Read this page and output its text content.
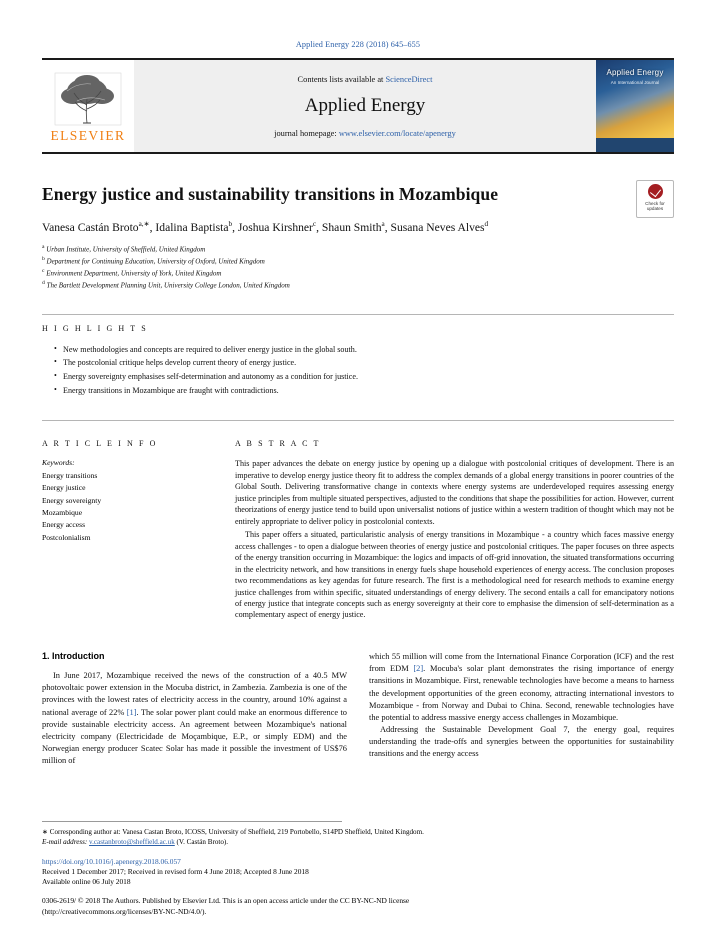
Applied Energy 228 (2018) 645–655
ELSEVIER
Contents lists available at ScienceDirect
Applied Energy
journal homepage: www.elsevier.com/locate/apenergy
Applied Energy
An International Journal
Check for
updates
Energy justice and sustainability transitions in Mozambique
Vanesa Castán Broto$^{a,∗}$, Idalina Baptista$^b$, Joshua Kirshner$^c$, Shaun Smith$^a$, Susana Neves Alves$^d$
$^a$ Urban Institute, University of Sheffield, United Kingdom
$^b$ Department for Continuing Education, University of Oxford, United Kingdom
$^c$ Environment Department, University of York, United Kingdom
$^d$ The Bartlett Development Planning Unit, University College London, United Kingdom
H I G H L I G H T S
• New methodologies and concepts are required to deliver energy justice in the global south.
• The postcolonial critique helps develop current theory of energy justice.
• Energy sovereignty emphasises self-determination and autonomy as a condition for justice.
• Energy transitions in Mozambique are fraught with contradictions.
A R T I C L E I N F O
Keywords:
Energy transitions
Energy justice
Energy sovereignty
Mozambique
Energy access
Postcolonialism
A B S T R A C T

This paper advances the debate on energy justice by opening up a dialogue with postcolonial critiques of development. There is an imperative to develop energy justice theory fit to address the complex demands of a global energy transitions in poorer countries of the Global South. Delivering transformative change in contexts where energy systems are underdeveloped requires assessing energy justice principles from multiple situated perspectives, adjusted to the conditions that shape the possibilities for action. However, current theorizations of energy justice tend to build upon universalist notions of justice within a western tradition of thought which may not be entirely appropriate to deliver policy in postcolonial contexts.

This paper offers a situated, particularistic analysis of energy transitions in Mozambique - a country which faces massive energy access challenges - to open a dialogue between theories of energy justice and postcolonial critiques. The paper focuses on three aspects of the energy transition occurring in Mozambique: the logics and impacts of off-grid innovation, the situated transformations occurring in the electricity network, and how transitions in energy fuels shape household experiences of energy access. The conclusion proposes two recommendations as key agendas for future research. The first is a methodological need for research methods to examine energy justice challenges from within specific, situated understandings of energy delivery. The second entails a call for emancipatory notions of energy justice that integrate concepts such as energy sovereignty at their core to emphasise the dimension of self-determination as a complementary aspect of energy justice.

1. Introduction

In June 2017, Mozambique received the news of the construction of a 40.5 MW photovoltaic power extension in the Mocuba district, in Zambezia. Zambezia is one of the provinces with the lowest rates of electricity access in the country, around 10% against a national average of 22% [1]. The solar power plant could make an enormous difference to provide sustainable electricity access. An agreement between Mozambique's national electricity company (Electricidade de Moçambique, E.P., or simply EDM) and the Norwegian energy producer Scatec Solar has made it possible the investment of US$76 million of

which 55 million will come from the International Finance Corporation (ICF) and the rest from EDM [2]. Mocuba's solar plant demonstrates the rising importance of energy transitions in Mozambique. First, renewable technologies have become a means to harness the development opportunities of the green economy, attracting international investors to Mozambique - from Norway and Dubai to China. Second, renewable technologies have the potential to address massive energy access challenges in Mozambique.

Addressing the Sustainable Development Goal 7, the energy goal, requires understanding the trade-offs and synergies between the opportunities for sustainability transitions and the energy access

∗ Corresponding author at: Vanesa Castan Broto, ICOSS, University of Sheffield, 219 Portobello, S14PD Sheffield, United Kingdom.
E-mail address: v.castanbroto@sheffield.ac.uk (V. Castán Broto).
https://doi.org/10.1016/j.apenergy.2018.06.057
Received 1 December 2017; Received in revised form 4 June 2018; Accepted 8 June 2018
Available online 06 July 2018
0306-2619/ © 2018 The Authors. Published by Elsevier Ltd. This is an open access article under the CC BY-NC-ND license
(http://creativecommons.org/licenses/BY-NC-ND/4.0/).
